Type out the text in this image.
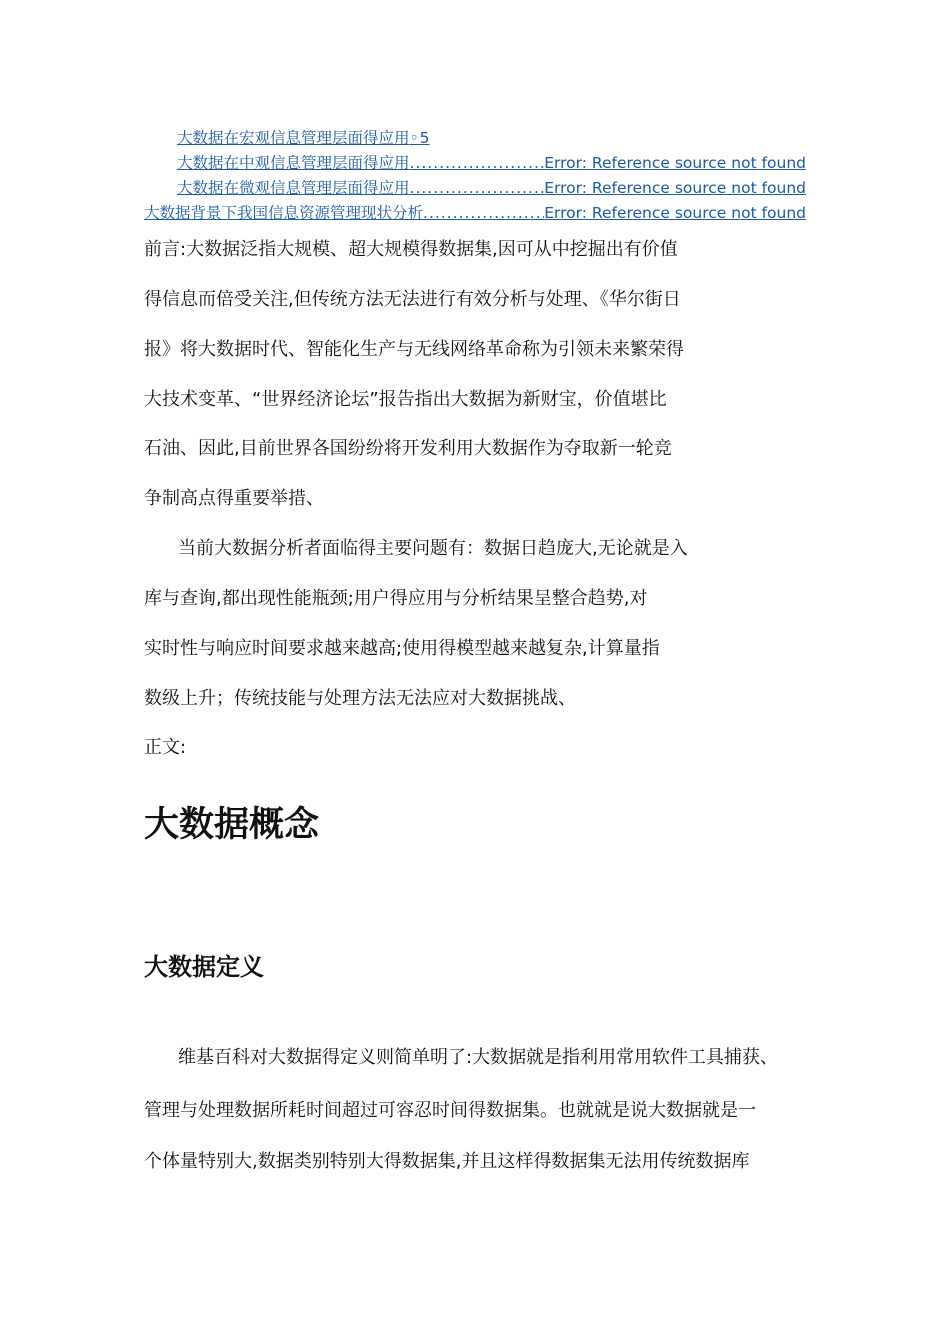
大数据在宏观信息管理层面得应用 ◦ 5
大数据在中观信息管理层面得应用 .....	Error: Reference source not found
大数据在微观信息管理层面得应用 .....	Error: Reference source not found
大数据背景下我国信息资源管理现状分析 .....	Error: Reference source not found
前言:大数据泛指大规模、超大规模得数据集,因可从中挖掘出有价值
得信息而倍受关注,但传统方法无法进行有效分析与处理、《华尔街日
报》将大数据时代、智能化生产与无线网络革命称为引领未来繁荣得
大技术变革、“世界经济论坛”报告指出大数据为新财宝，价值堪比
石油、因此,目前世界各国纷纷将开发利用大数据作为夺取新一轮竞
争制高点得重要举措、
当前大数据分析者面临得主要问题有：数据日趋庞大,无论就是入
库与查询,都出现性能瓶颈;用户得应用与分析结果呈整合趋势,对
实时性与响应时间要求越来越高;使用得模型越来越复杂,计算量指
数级上升；传统技能与处理方法无法应对大数据挑战、
正文:
大数据概念
大数据定义
维基百科对大数据得定义则简单明了:大数据就是指利用常用软件工具捕获、
管理与处理数据所耗时间超过可容忍时间得数据集。也就就是说大数据就是一
个体量特别大,数据类别特别大得数据集,并且这样得数据集无法用传统数据库
